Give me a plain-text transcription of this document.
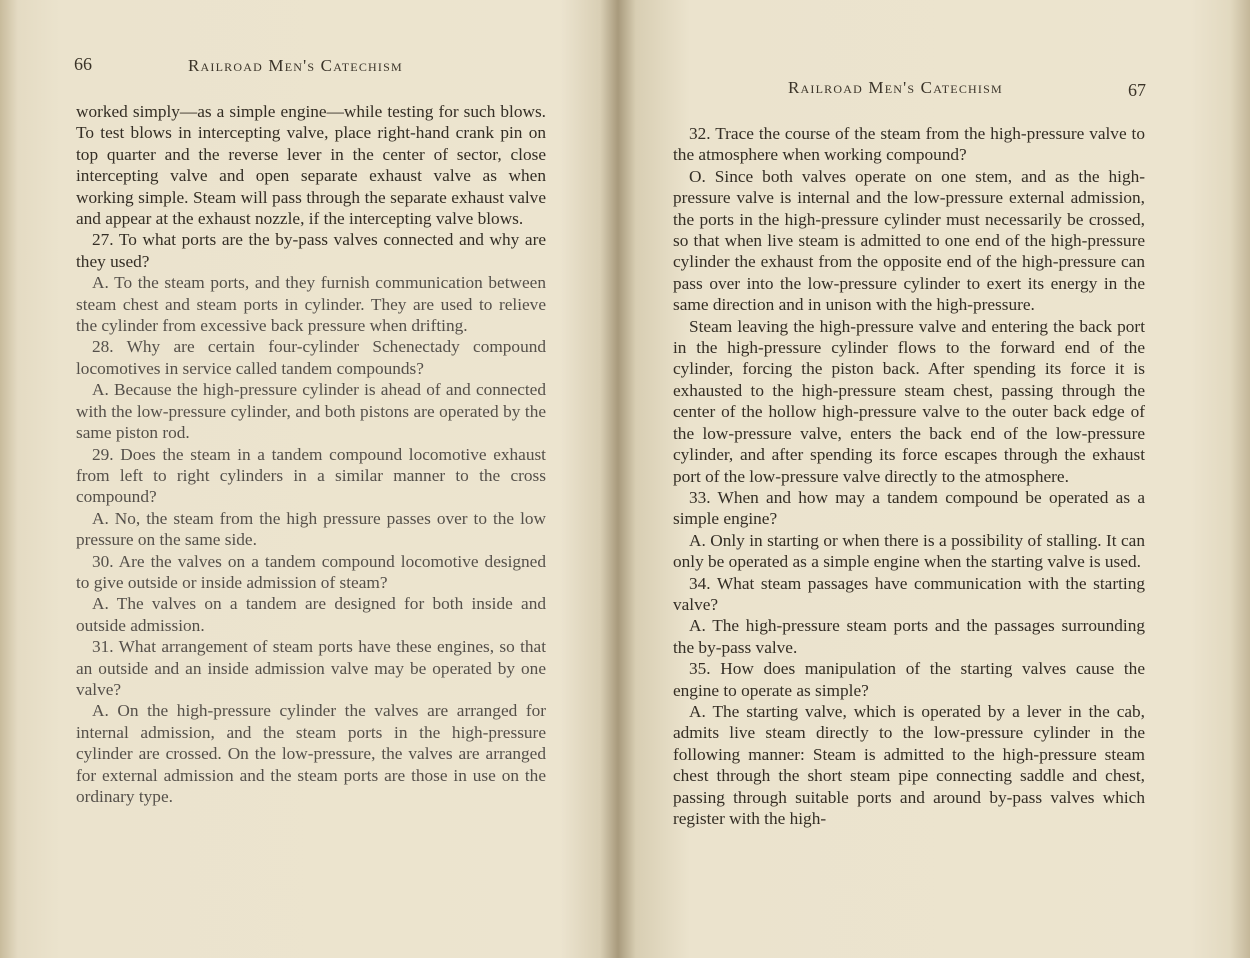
66	Railroad Men's Catechism

worked simply—as a simple engine—while testing for such blows. To test blows in intercepting valve, place right-hand crank pin on top quarter and the reverse lever in the center of sector, close intercepting valve and open separate exhaust valve as when working simple. Steam will pass through the separate exhaust valve and appear at the exhaust nozzle, if the intercepting valve blows.

27. To what ports are the by-pass valves connected and why are they used?

A. To the steam ports, and they furnish communication between steam chest and steam ports in cylinder. They are used to relieve the cylinder from excessive back pressure when drifting.

28. Why are certain four-cylinder Schenectady compound locomotives in service called tandem compounds?

A. Because the high-pressure cylinder is ahead of and connected with the low-pressure cylinder, and both pistons are operated by the same piston rod.

29. Does the steam in a tandem compound locomotive exhaust from left to right cylinders in a similar manner to the cross compound?

A. No, the steam from the high pressure passes over to the low pressure on the same side.

30. Are the valves on a tandem compound locomotive designed to give outside or inside admission of steam?

A. The valves on a tandem are designed for both inside and outside admission.

31. What arrangement of steam ports have these engines, so that an outside and an inside admission valve may be operated by one valve?

A. On the high-pressure cylinder the valves are arranged for internal admission, and the steam ports in the high-pressure cylinder are crossed. On the low-pressure, the valves are arranged for external admission and the steam ports are those in use on the ordinary type.

Railroad Men's Catechism	67

32. Trace the course of the steam from the high-pressure valve to the atmosphere when working compound?

O. Since both valves operate on one stem, and as the high-pressure valve is internal and the low-pressure external admission, the ports in the high-pressure cylinder must necessarily be crossed, so that when live steam is admitted to one end of the high-pressure cylinder the exhaust from the opposite end of the high-pressure can pass over into the low-pressure cylinder to exert its energy in the same direction and in unison with the high-pressure.

Steam leaving the high-pressure valve and entering the back port in the high-pressure cylinder flows to the forward end of the cylinder, forcing the piston back. After spending its force it is exhausted to the high-pressure steam chest, passing through the center of the hollow high-pressure valve to the outer back edge of the low-pressure valve, enters the back end of the low-pressure cylinder, and after spending its force escapes through the exhaust port of the low-pressure valve directly to the atmosphere.

33. When and how may a tandem compound be operated as a simple engine?

A. Only in starting or when there is a possibility of stalling. It can only be operated as a simple engine when the starting valve is used.

34. What steam passages have communication with the starting valve?

A. The high-pressure steam ports and the passages surrounding the by-pass valve.

35. How does manipulation of the starting valves cause the engine to operate as simple?

A. The starting valve, which is operated by a lever in the cab, admits live steam directly to the low-pressure cylinder in the following manner: Steam is admitted to the high-pressure steam chest through the short steam pipe connecting saddle and chest, passing through suitable ports and around by-pass valves which register with the high-
